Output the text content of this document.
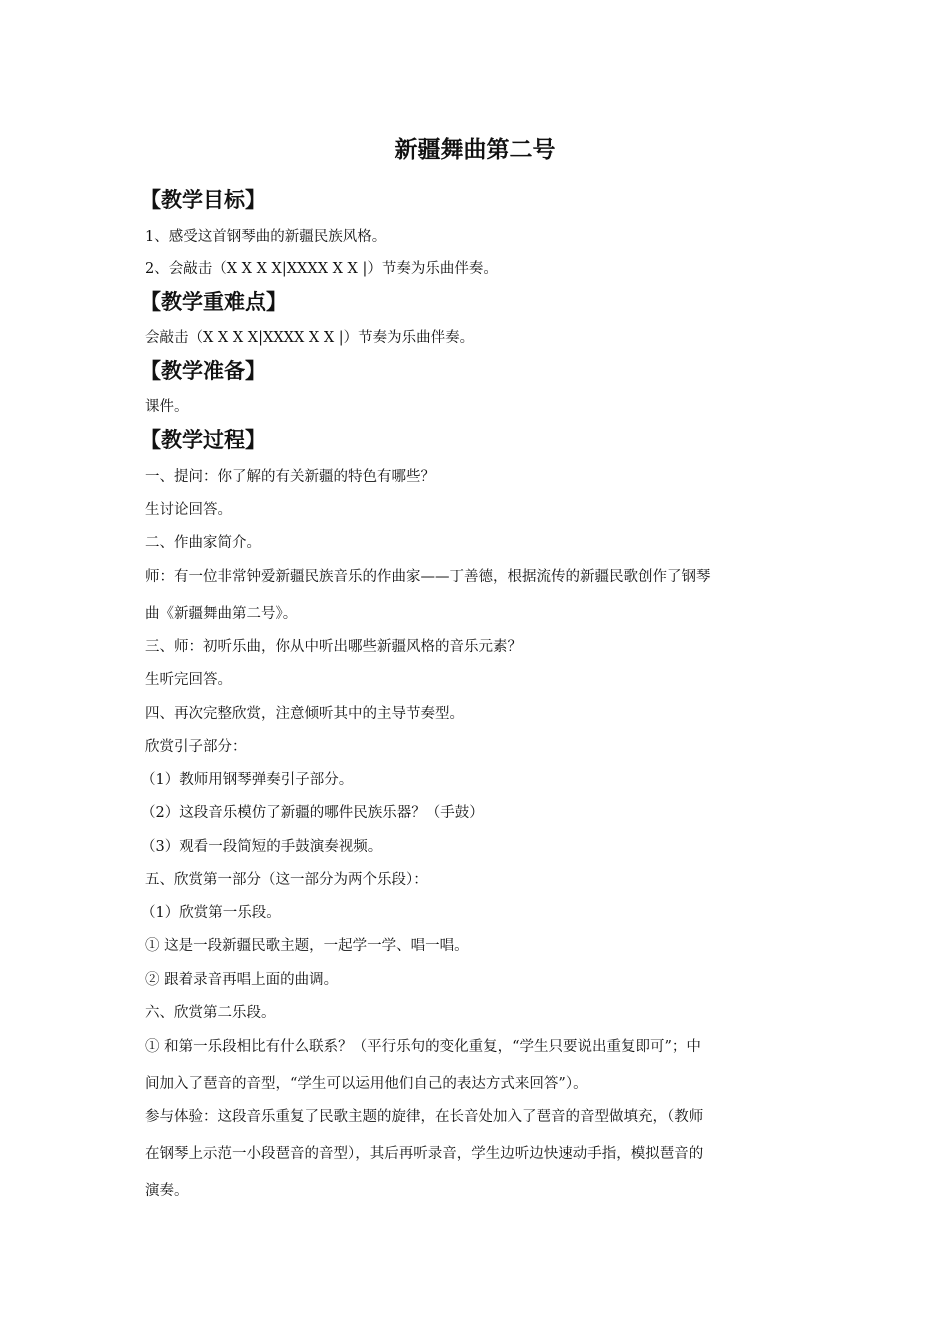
新疆舞曲第二号
【教学目标】
1、感受这首钢琴曲的新疆民族风格。
2、会敲击（X X X X|XXXX X X |）节奏为乐曲伴奏。
【教学重难点】
会敲击（X X X X|XXXX X X |）节奏为乐曲伴奏。
【教学准备】
课件。
【教学过程】
一、提问：你了解的有关新疆的特色有哪些？
生讨论回答。
二、作曲家简介。
师：有一位非常钟爱新疆民族音乐的作曲家——丁善德，根据流传的新疆民歌创作了钢琴
曲《新疆舞曲第二号》。
三、师：初听乐曲，你从中听出哪些新疆风格的音乐元素？
生听完回答。
四、再次完整欣赏，注意倾听其中的主导节奏型。
欣赏引子部分：
（1）教师用钢琴弹奏引子部分。
（2）这段音乐模仿了新疆的哪件民族乐器？（手鼓）
（3）观看一段简短的手鼓演奏视频。
五、欣赏第一部分（这一部分为两个乐段）：
（1）欣赏第一乐段。
① 这是一段新疆民歌主题，一起学一学、唱一唱。
② 跟着录音再唱上面的曲调。
六、欣赏第二乐段。
① 和第一乐段相比有什么联系？（平行乐句的变化重复，“学生只要说出重复即可”；中
间加入了琶音的音型，“学生可以运用他们自己的表达方式来回答”）。
参与体验：这段音乐重复了民歌主题的旋律，在长音处加入了琶音的音型做填充，（教师
在钢琴上示范一小段琶音的音型），其后再听录音，学生边听边快速动手指，模拟琶音的
演奏。
